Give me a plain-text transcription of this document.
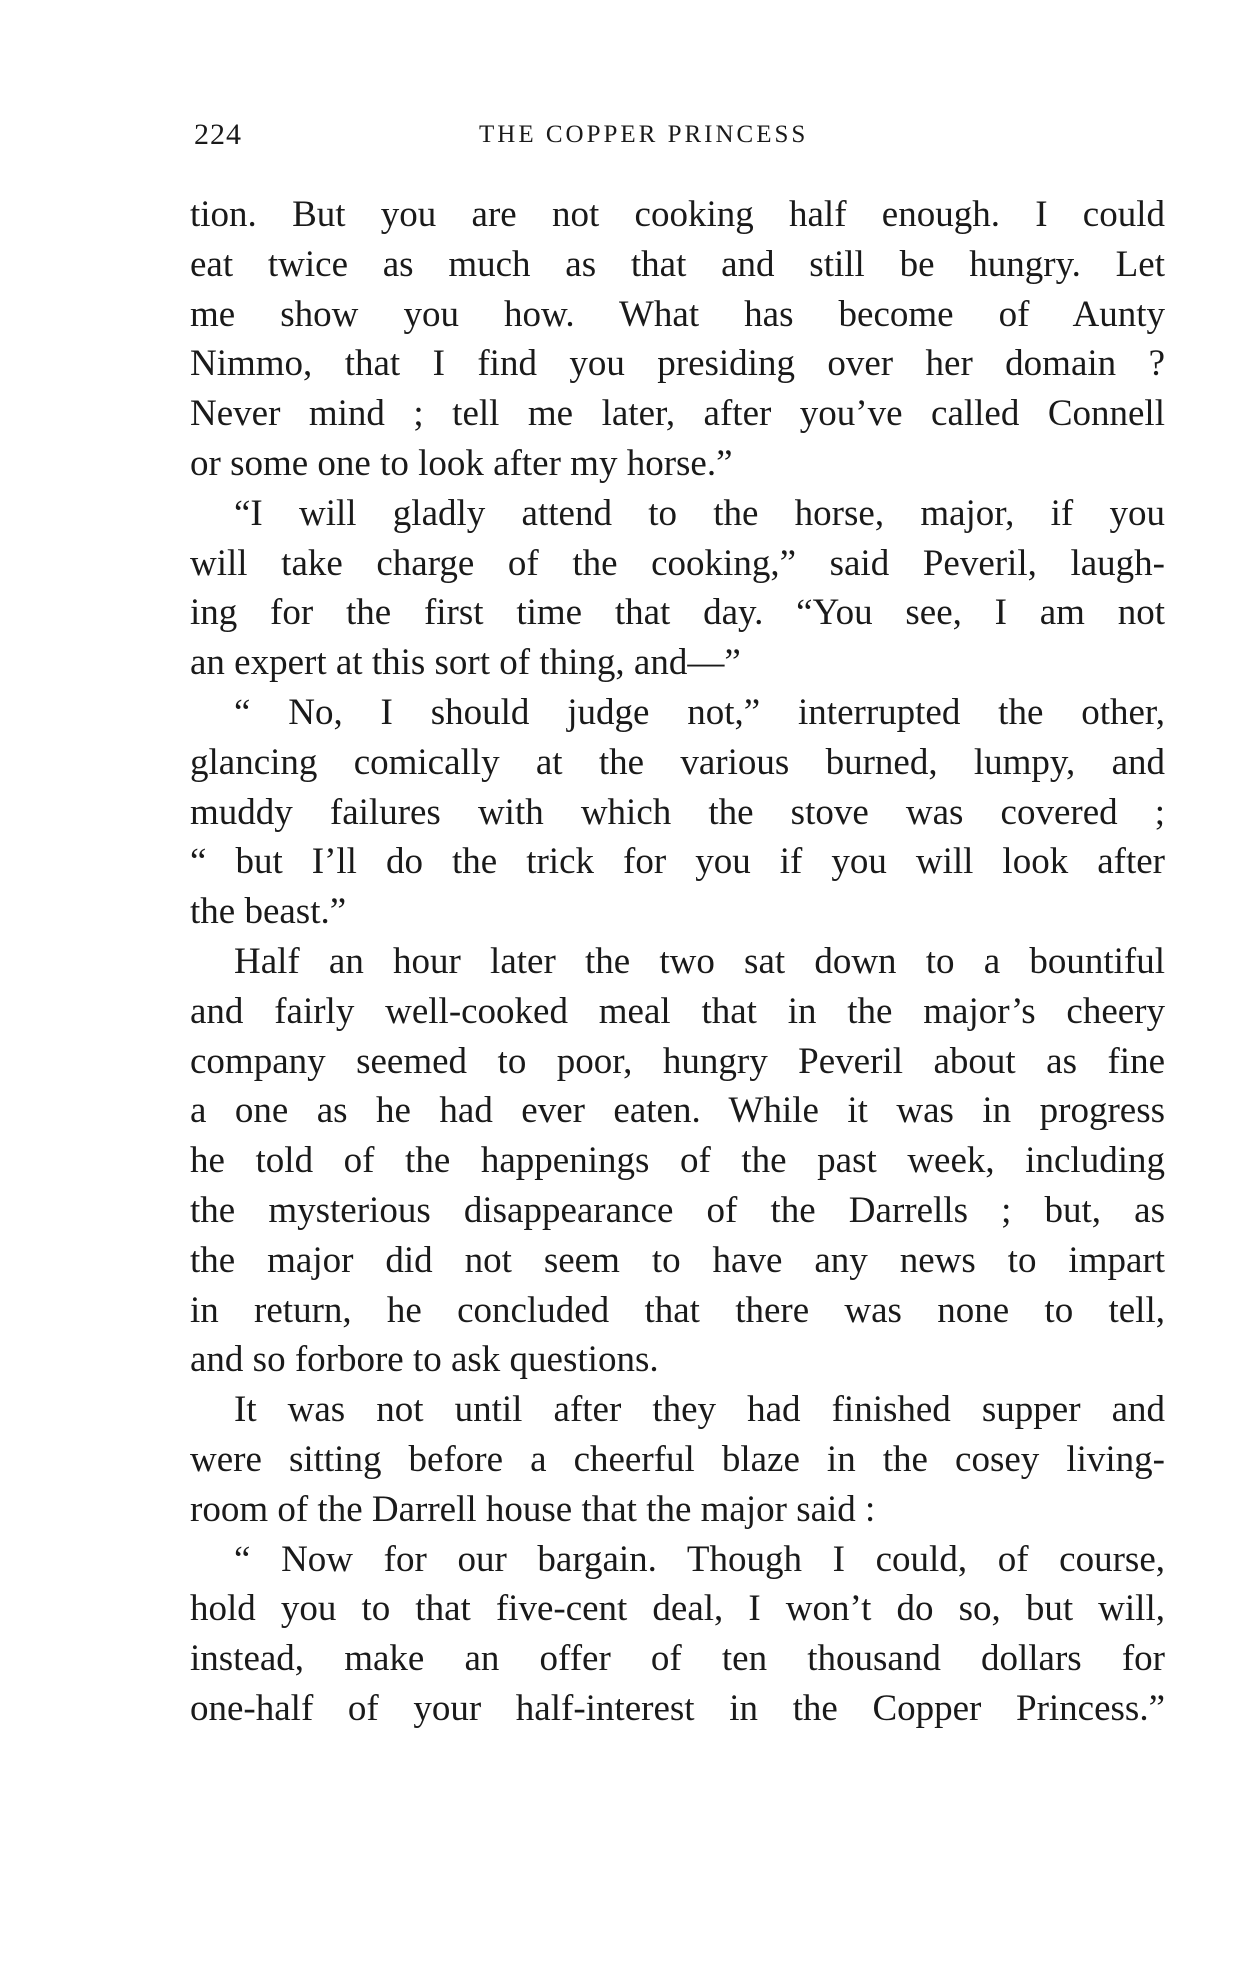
224	THE COPPER PRINCESS
tion. But you are not cooking half enough. I could
eat twice as much as that and still be hungry. Let
me show you how. What has become of Aunty
Nimmo, that I find you presiding over her domain ?
Never mind ; tell me later, after you’ve called Connell
or some one to look after my horse.”
“I will gladly attend to the horse, major, if you
will take charge of the cooking,” said Peveril, laugh-
ing for the first time that day. “You see, I am not
an expert at this sort of thing, and—”
“ No, I should judge not,” interrupted the other,
glancing comically at the various burned, lumpy, and
muddy failures with which the stove was covered ;
“ but I’ll do the trick for you if you will look after
the beast.”
Half an hour later the two sat down to a bountiful
and fairly well-cooked meal that in the major’s cheery
company seemed to poor, hungry Peveril about as fine
a one as he had ever eaten. While it was in progress
he told of the happenings of the past week, including
the mysterious disappearance of the Darrells ; but, as
the major did not seem to have any news to impart
in return, he concluded that there was none to tell,
and so forbore to ask questions.
It was not until after they had finished supper and
were sitting before a cheerful blaze in the cosey living-
room of the Darrell house that the major said :
“ Now for our bargain. Though I could, of course,
hold you to that five-cent deal, I won’t do so, but will,
instead, make an offer of ten thousand dollars for
one-half of your half-interest in the Copper Princess.”
